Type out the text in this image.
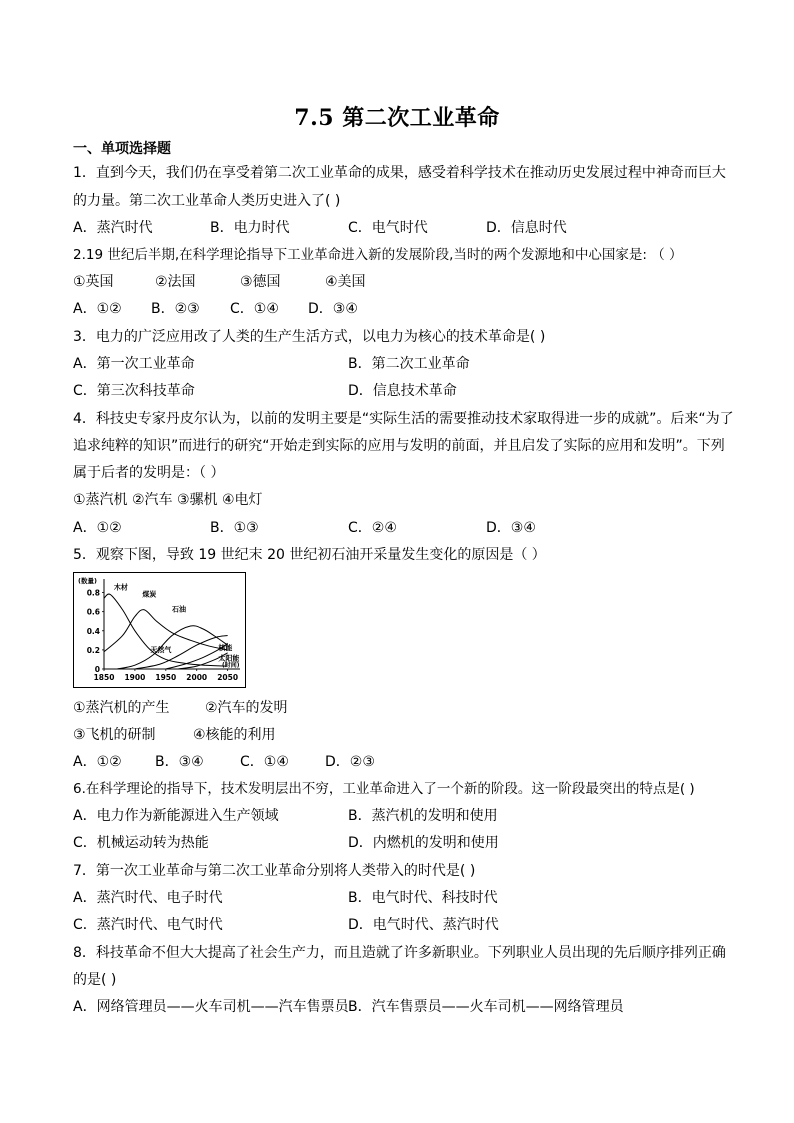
7.5 第二次工业革命
一、单项选择题
1．直到今天，我们仍在享受着第二次工业革命的成果，感受着科学技术在推动历史发展过程中神奇而巨大
的力量。第二次工业革命人类历史进入了( )
A．蒸汽时代	B．电力时代	C．电气时代	D．信息时代
2.19 世纪后半期,在科学理论指导下工业革命进入新的发展阶段,当时的两个发源地和中心国家是: （ ）
①英国	②法国	③德国	④美国
A．①② B．②③ C．①④ D．③④
3．电力的广泛应用改了人类的生产生活方式，以电力为核心的技术革命是( )
A．第一次工业革命	B．第二次工业革命
C．第三次科技革命	D．信息技术革命
4．科技史专家丹皮尔认为，以前的发明主要是“实际生活的需要推动技术家取得进一步的成就”。后来“为了
追求纯粹的知识”而进行的研究“开始走到实际的应用与发明的前面，并且启发了实际的应用和发明”。下列
属于后者的发明是：（ ）
①蒸汽机 ②汽车 ③骡机 ④电灯
A．①②	B．①③	C．②④	D．③④
5．观察下图，导致 19 世纪末 20 世纪初石油开采量发生变化的原因是（ ）
0.8
0.6
0.4
0.2
0
1850 1900 1950 2000 2050
(数量)
(时间)
木材
煤炭
石油
天然气	核能
太阳能
①蒸汽机的产生	②汽车的发明
③飞机的研制	④核能的利用
A．①② B．③④	C．①④	D．②③
6.在科学理论的指导下，技术发明层出不穷，工业革命进入了一个新的阶段。这一阶段最突出的特点是( )
A．电力作为新能源进入生产领域	B．蒸汽机的发明和使用
C．机械运动转为热能	D．内燃机的发明和使用
7．第一次工业革命与第二次工业革命分别将人类带入的时代是( )
A．蒸汽时代、电子时代	B．电气时代、科技时代
C．蒸汽时代、电气时代	D．电气时代、蒸汽时代
8．科技革命不但大大提高了社会生产力，而且造就了许多新职业。下列职业人员出现的先后顺序排列正确
的是( )
A．网络管理员——火车司机——汽车售票员 B．汽车售票员——火车司机——网络管理员
